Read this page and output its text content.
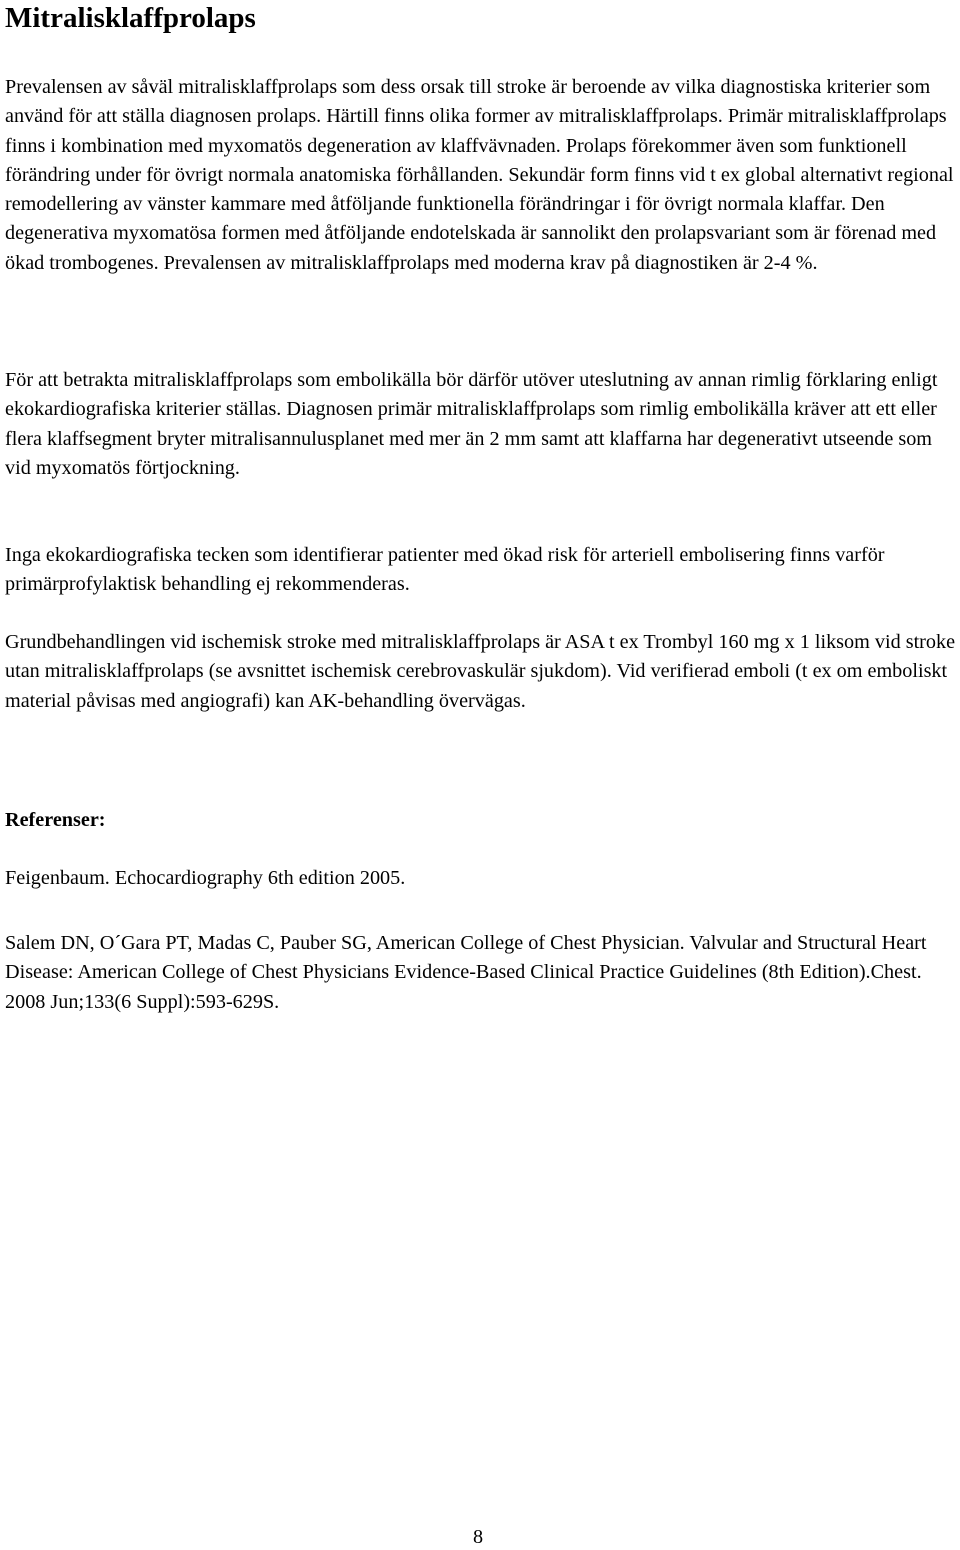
Mitralisklaffprolaps

Prevalensen av såväl mitralisklaffprolaps som dess orsak till stroke är beroende av vilka diagnostiska kriterier som använd för att ställa diagnosen prolaps. Härtill finns olika former av mitralisklaffprolaps. Primär mitralisklaffprolaps finns i kombination med myxomatös degeneration av klaffvävnaden. Prolaps förekommer även som funktionell förändring under för övrigt normala anatomiska förhållanden. Sekundär form finns vid t ex global alternativt regional remodellering av vänster kammare med åtföljande funktionella förändringar i för övrigt normala klaffar. Den degenerativa myxomatösa formen med åtföljande endotelskada är sannolikt den prolapsvariant som är förenad med ökad trombogenes. Prevalensen av mitralisklaffprolaps med moderna krav på diagnostiken är 2-4 %.

För att betrakta mitralisklaffprolaps som embolikälla bör därför utöver uteslutning av annan rimlig förklaring enligt ekokardiografiska kriterier ställas. Diagnosen primär mitralisklaffprolaps som rimlig embolikälla kräver att ett eller flera klaffsegment bryter mitralisannulusplanet med mer än 2 mm samt att klaffarna har degenerativt utseende som vid myxomatös förtjockning.

Inga ekokardiografiska tecken som identifierar patienter med ökad risk för arteriell embolisering finns varför primärprofylaktisk behandling ej rekommenderas.

Grundbehandlingen vid ischemisk stroke med mitralisklaffprolaps är ASA t ex Trombyl 160 mg x 1 liksom vid stroke utan mitralisklaffprolaps (se avsnittet ischemisk cerebrovaskulär sjukdom). Vid verifierad emboli (t ex om emboliskt material påvisas med angiografi) kan AK-behandling övervägas.

Referenser:

Feigenbaum. Echocardiography 6th edition 2005.

Salem DN, O´Gara PT, Madas C, Pauber SG, American College of Chest Physician. Valvular and Structural Heart Disease: American College of Chest Physicians Evidence-Based Clinical Practice Guidelines (8th Edition).Chest. 2008 Jun;133(6 Suppl):593-629S.

8
